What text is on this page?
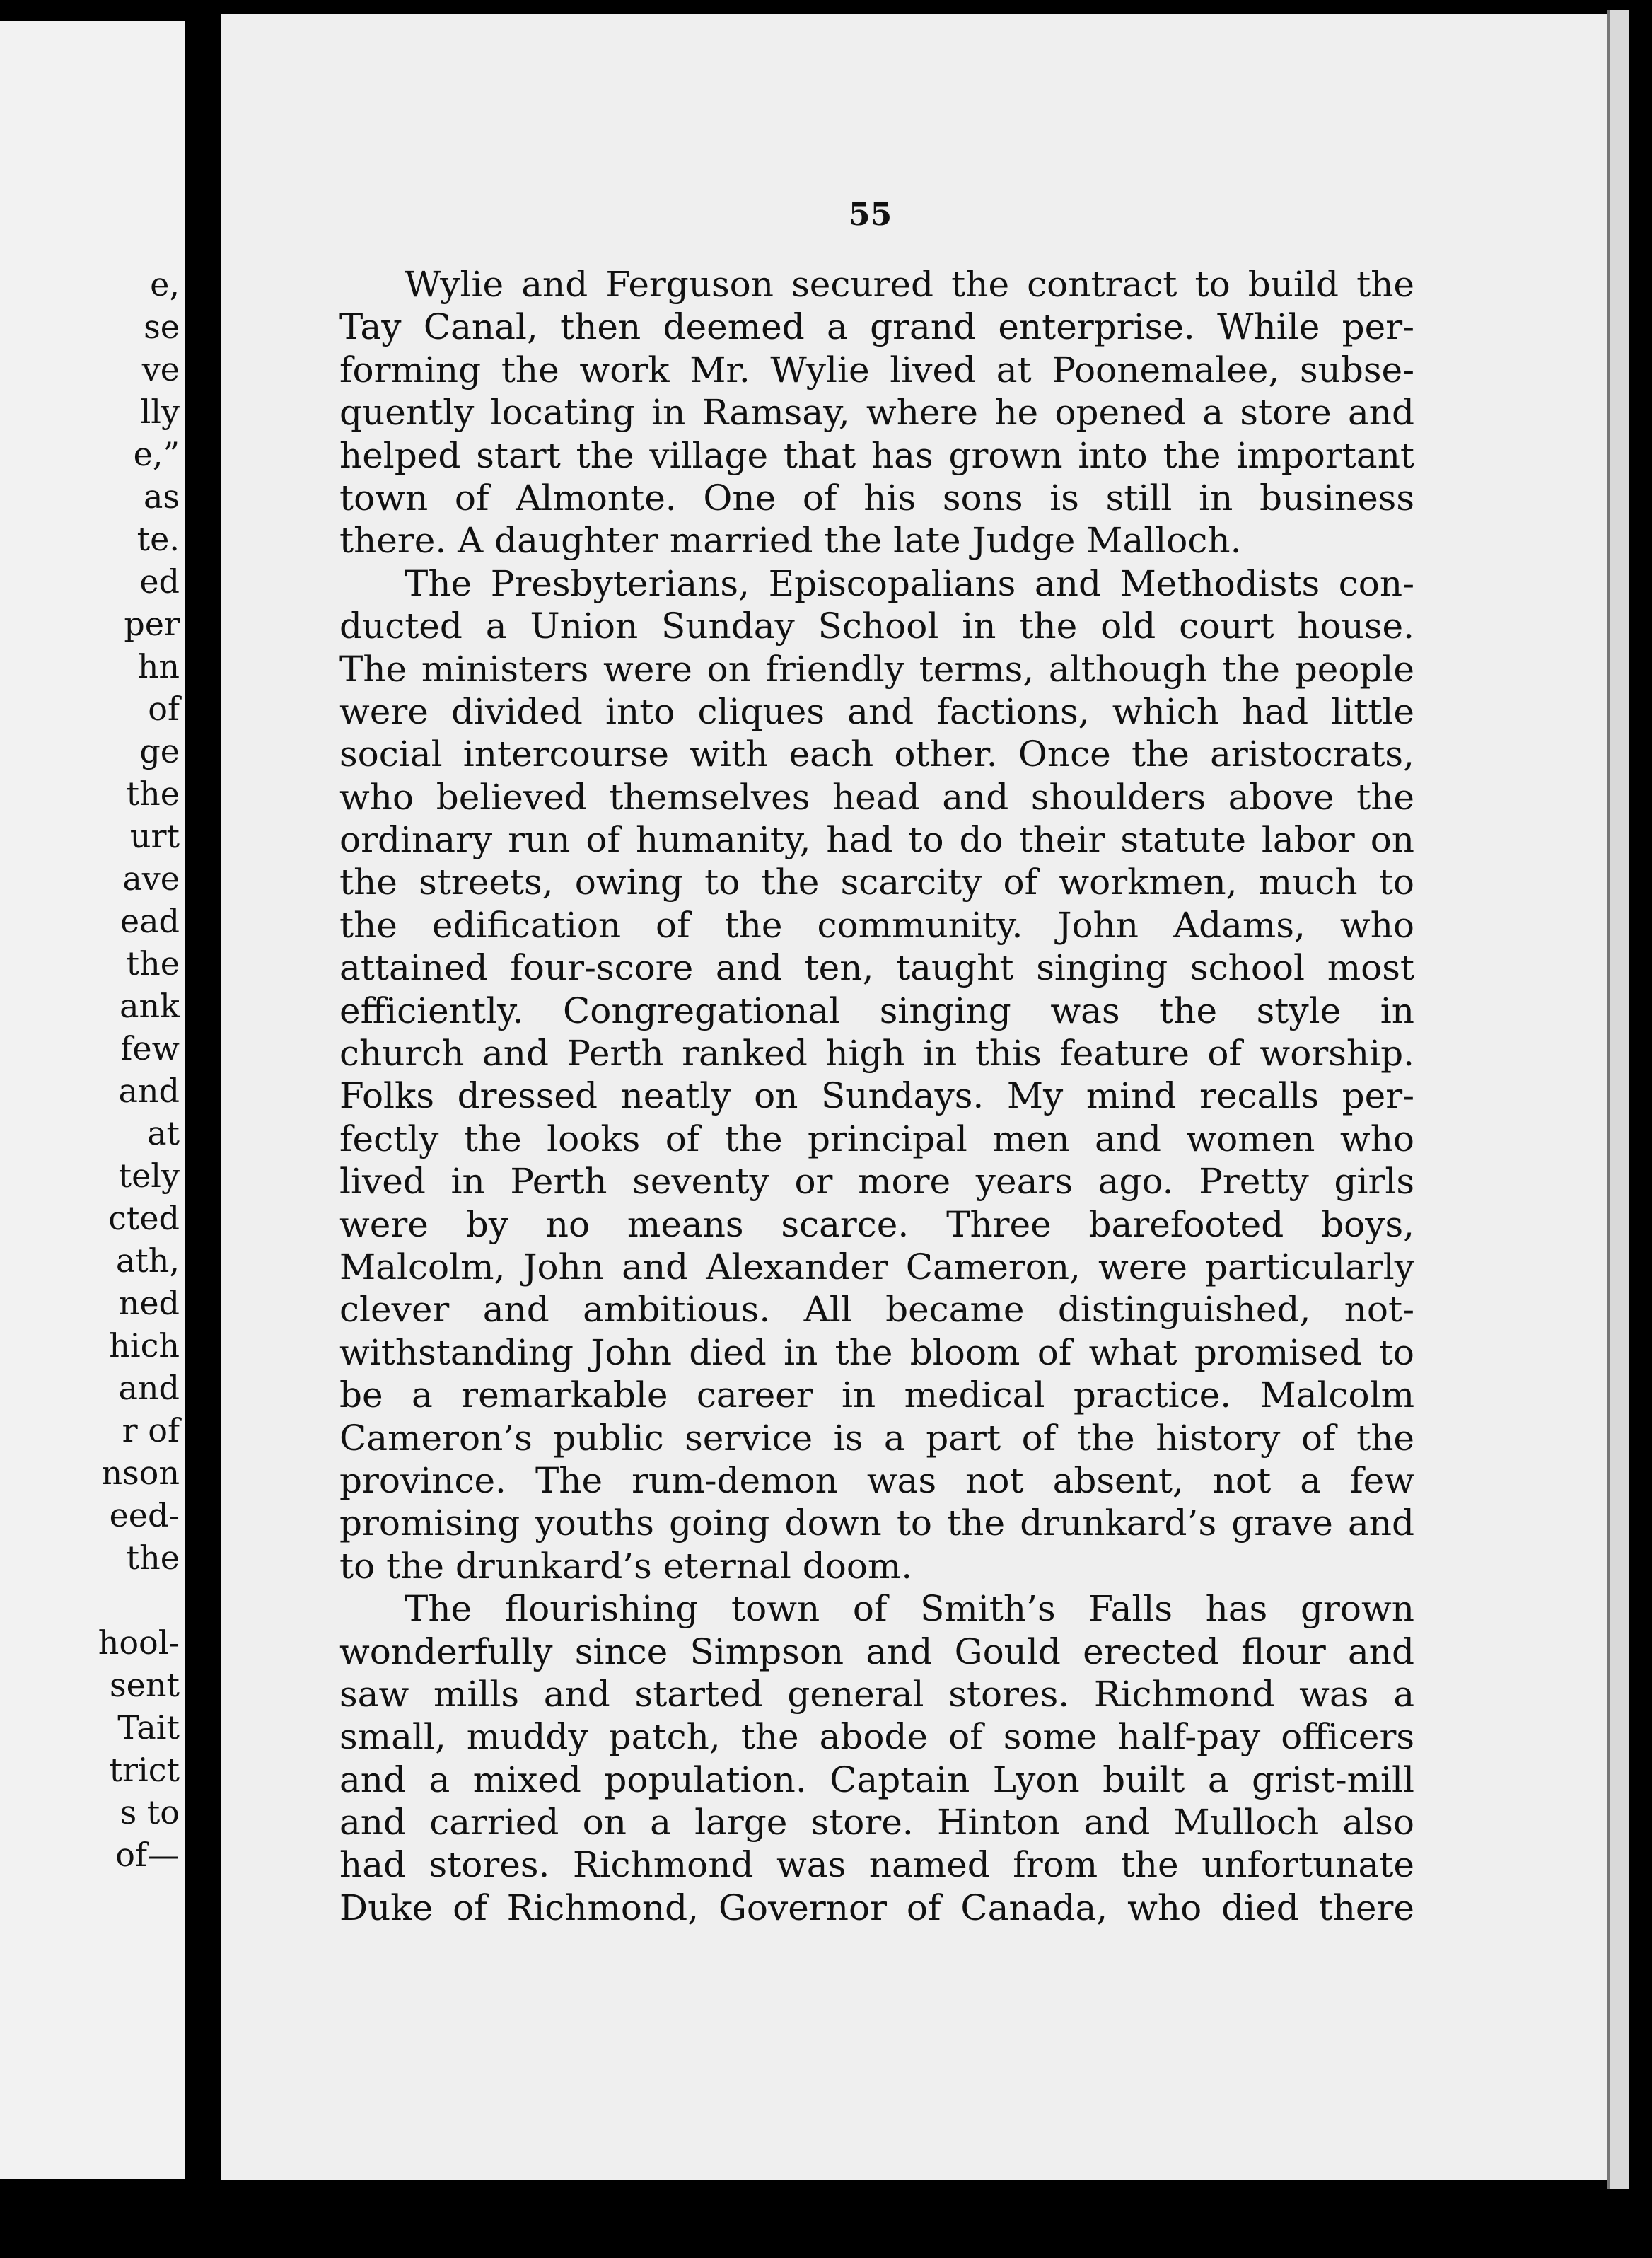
e,
se
ve
lly
e,”
as
te.
ed
per
hn
of
ge
the
urt
ave
ead
the
ank
few
and
at
tely
cted
ath,
ned
hich
and
r of
nson
eed-
the
hool-
sent
Tait
trict
s to
of—
55
Wylie and Ferguson secured the contract to build the
Tay Canal, then deemed a grand enterprise. While per-
forming the work Mr. Wylie lived at Poonemalee, subse-
quently locating in Ramsay, where he opened a store and
helped start the village that has grown into the important
town of Almonte. One of his sons is still in business
there. A daughter married the late Judge Malloch.
The Presbyterians, Episcopalians and Methodists con-
ducted a Union Sunday School in the old court house.
The ministers were on friendly terms, although the people
were divided into cliques and factions, which had little
social intercourse with each other. Once the aristocrats,
who believed themselves head and shoulders above the
ordinary run of humanity, had to do their statute labor on
the streets, owing to the scarcity of workmen, much to
the edification of the community. John Adams, who
attained four-score and ten, taught singing school most
efficiently. Congregational singing was the style in
church and Perth ranked high in this feature of worship.
Folks dressed neatly on Sundays. My mind recalls per-
fectly the looks of the principal men and women who
lived in Perth seventy or more years ago. Pretty girls
were by no means scarce. Three barefooted boys,
Malcolm, John and Alexander Cameron, were particularly
clever and ambitious. All became distinguished, not-
withstanding John died in the bloom of what promised to
be a remarkable career in medical practice. Malcolm
Cameron’s public service is a part of the history of the
province. The rum-demon was not absent, not a few
promising youths going down to the drunkard’s grave and
to the drunkard’s eternal doom.
The flourishing town of Smith’s Falls has grown
wonderfully since Simpson and Gould erected flour and
saw mills and started general stores. Richmond was a
small, muddy patch, the abode of some half-pay officers
and a mixed population. Captain Lyon built a grist-mill
and carried on a large store. Hinton and Mulloch also
had stores. Richmond was named from the unfortunate
Duke of Richmond, Governor of Canada, who died there
